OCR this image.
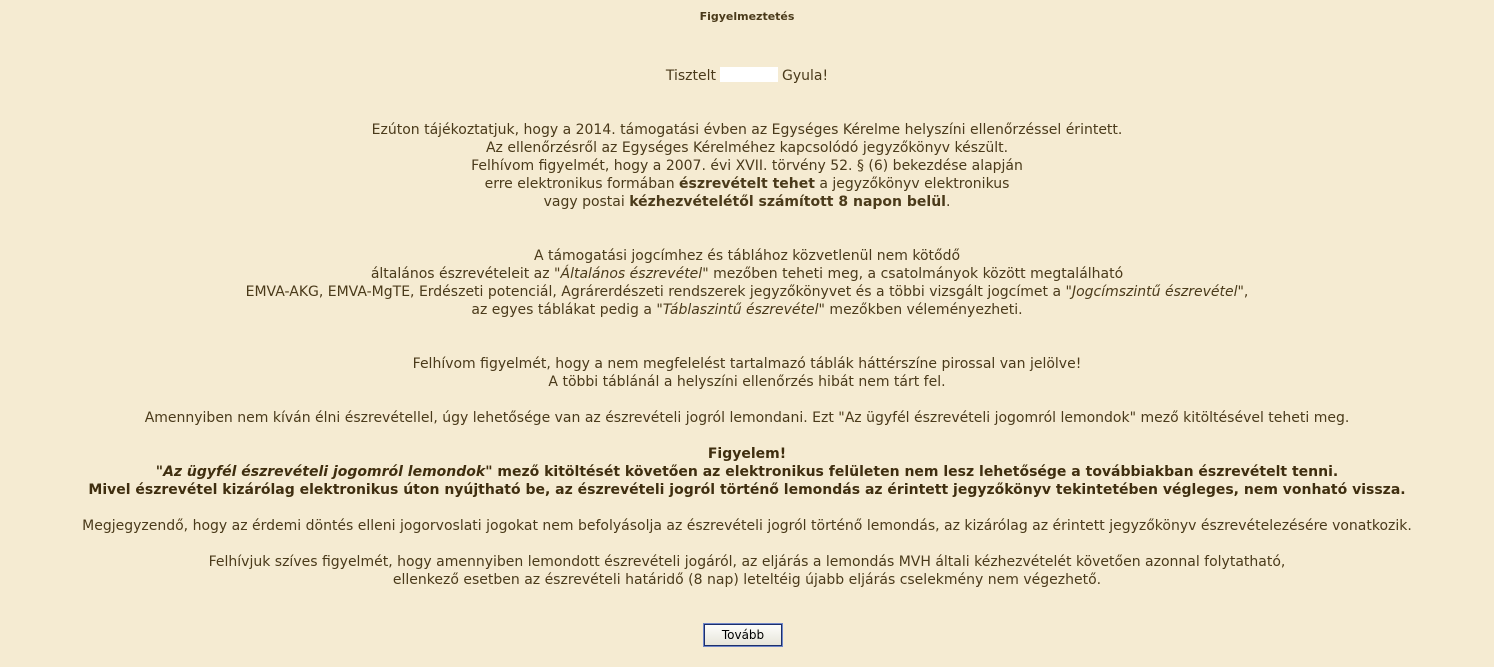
Figyelmeztetés
Tisztelt	Gyula!
Ezúton tájékoztatjuk, hogy a 2014. támogatási évben az Egységes Kérelme helyszíni ellenőrzéssel érintett.
Az ellenőrzésről az Egységes Kérelméhez kapcsolódó jegyzőkönyv készült.
Felhívom figyelmét, hogy a 2007. évi XVII. törvény 52. § (6) bekezdése alapján
erre elektronikus formában észrevételt tehet a jegyzőkönyv elektronikus
vagy postai kézhezvételétől számított 8 napon belül.
A támogatási jogcímhez és táblához közvetlenül nem kötődő
általános észrevételeit az "Általános észrevétel" mezőben teheti meg, a csatolmányok között megtalálható
EMVA-AKG, EMVA-MgTE, Erdészeti potenciál, Agrárerdészeti rendszerek jegyzőkönyvet és a többi vizsgált jogcímet a "Jogcímszintű észrevétel",
az egyes táblákat pedig a "Táblaszintű észrevétel" mezőkben véleményezheti.
Felhívom figyelmét, hogy a nem megfelelést tartalmazó táblák háttérszíne pirossal van jelölve!
A többi táblánál a helyszíni ellenőrzés hibát nem tárt fel.
Amennyiben nem kíván élni észrevétellel, úgy lehetősége van az észrevételi jogról lemondani. Ezt "Az ügyfél észrevételi jogomról lemondok" mező kitöltésével teheti meg.
Figyelem!
"Az ügyfél észrevételi jogomról lemondok" mező kitöltését követően az elektronikus felületen nem lesz lehetősége a továbbiakban észrevételt tenni.
Mivel észrevétel kizárólag elektronikus úton nyújtható be, az észrevételi jogról történő lemondás az érintett jegyzőkönyv tekintetében végleges, nem vonható vissza.
Megjegyzendő, hogy az érdemi döntés elleni jogorvoslati jogokat nem befolyásolja az észrevételi jogról történő lemondás, az kizárólag az érintett jegyzőkönyv észrevételezésére vonatkozik.
Felhívjuk szíves figyelmét, hogy amennyiben lemondott észrevételi jogáról, az eljárás a lemondás MVH általi kézhezvételét követően azonnal folytatható,
ellenkező esetben az észrevételi határidő (8 nap) leteltéig újabb eljárás cselekmény nem végezhető.
Tovább
